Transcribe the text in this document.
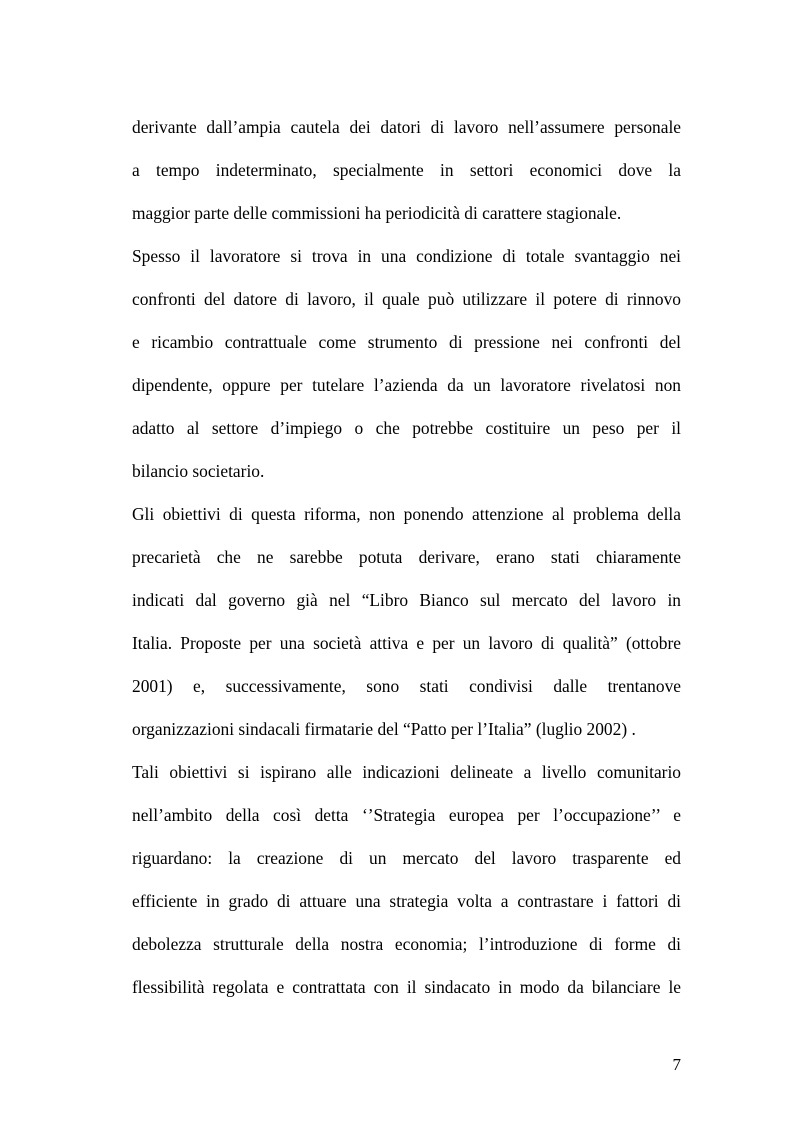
derivante dall’ampia cautela dei datori di lavoro nell’assumere personale
a tempo indeterminato, specialmente in settori economici dove la
maggior parte delle commissioni ha periodicità di carattere stagionale.
Spesso il lavoratore si trova in una condizione di totale svantaggio nei
confronti del datore di lavoro, il quale può utilizzare il potere di rinnovo
e ricambio contrattuale come strumento di pressione nei confronti del
dipendente, oppure per tutelare l’azienda da un lavoratore rivelatosi non
adatto al settore d’impiego o che potrebbe costituire un peso per il
bilancio societario.
Gli obiettivi di questa riforma, non ponendo attenzione al problema della
precarietà che ne sarebbe potuta derivare, erano stati chiaramente
indicati dal governo già nel “Libro Bianco sul mercato del lavoro in
Italia. Proposte per una società attiva e per un lavoro di qualità” (ottobre
2001) e, successivamente, sono stati condivisi dalle trentanove
organizzazioni sindacali firmatarie del “Patto per l’Italia” (luglio 2002) .
Tali obiettivi si ispirano alle indicazioni delineate a livello comunitario
nell’ambito della così detta ‘’Strategia europea per l’occupazione’’ e
riguardano: la creazione di un mercato del lavoro trasparente ed
efficiente in grado di attuare una strategia volta a contrastare i fattori di
debolezza strutturale della nostra economia; l’introduzione di forme di
flessibilità regolata e contrattata con il sindacato in modo da bilanciare le
7
